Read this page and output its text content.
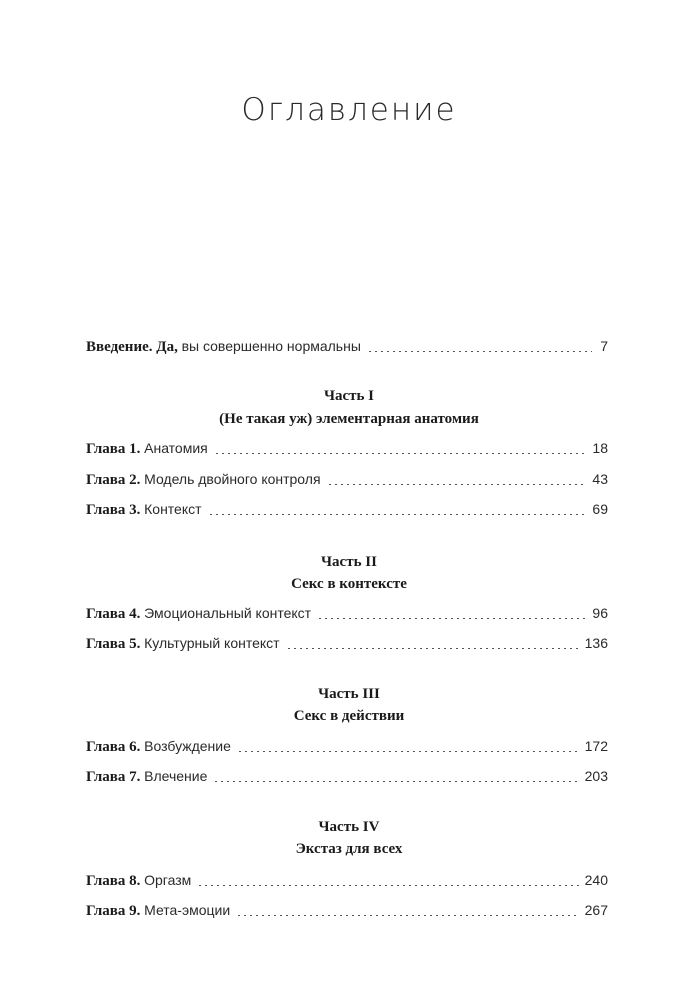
Оглавление
Введение. Да, вы совершенно нормальны	7
Часть I
(Не такая уж) элементарная анатомия
Глава 1. Анатомия	18
Глава 2. Модель двойного контроля	43
Глава 3. Контекст	69
Часть II
Секс в контексте
Глава 4. Эмоциональный контекст	96
Глава 5. Культурный контекст	136
Часть III
Секс в действии
Глава 6. Возбуждение	172
Глава 7. Влечение	203
Часть IV
Экстаз для всех
Глава 8. Оргазм	240
Глава 9. Мета-эмоции	267
